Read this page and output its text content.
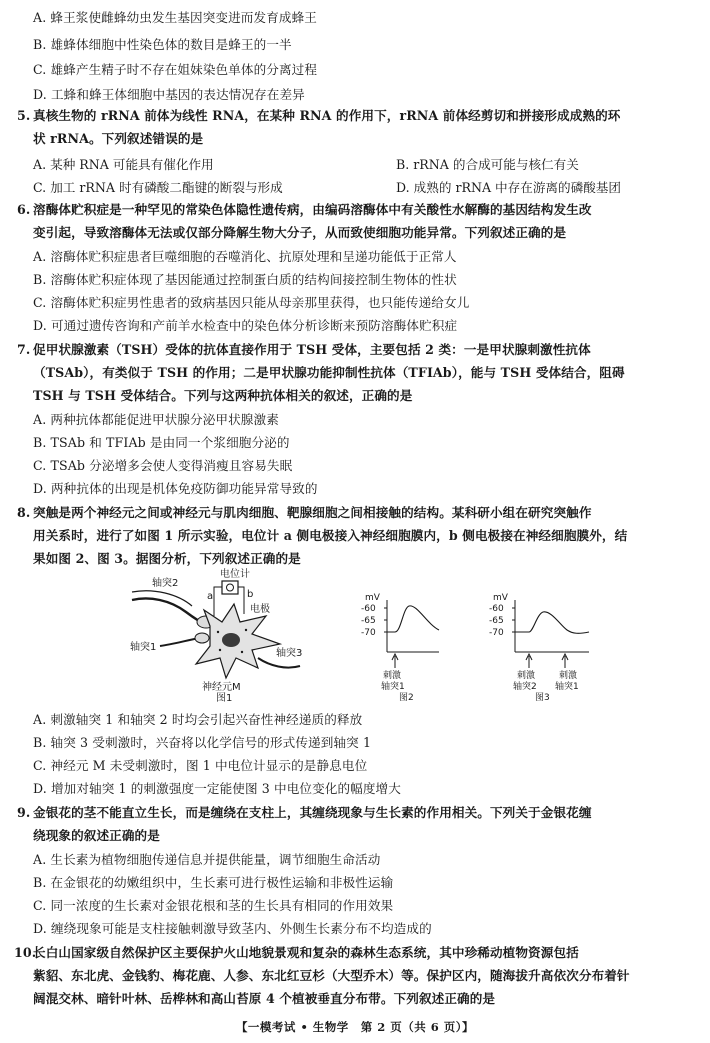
A. 蜂王浆使雌蜂幼虫发生基因突变进而发育成蜂王
B. 雄蜂体细胞中性染色体的数目是蜂王的一半
C. 雄蜂产生精子时不存在姐妹染色单体的分离过程
D. 工蜂和蜂王体细胞中基因的表达情况存在差异
5. 真核生物的 rRNA 前体为线性 RNA，在某种 RNA 的作用下，rRNA 前体经剪切和拼接形成成熟的环
状 rRNA。下列叙述错误的是
A. 某种 RNA 可能具有催化作用	B. rRNA 的合成可能与核仁有关
C. 加工 rRNA 时有磷酸二酯键的断裂与形成	D. 成熟的 rRNA 中存在游离的磷酸基团
6. 溶酶体贮积症是一种罕见的常染色体隐性遗传病，由编码溶酶体中有关酸性水解酶的基因结构发生改
变引起，导致溶酶体无法或仅部分降解生物大分子，从而致使细胞功能异常。下列叙述正确的是
A. 溶酶体贮积症患者巨噬细胞的吞噬消化、抗原处理和呈递功能低于正常人
B. 溶酶体贮积症体现了基因能通过控制蛋白质的结构间接控制生物体的性状
C. 溶酶体贮积症男性患者的致病基因只能从母亲那里获得，也只能传递给女儿
D. 可通过遗传咨询和产前羊水检查中的染色体分析诊断来预防溶酶体贮积症
7. 促甲状腺激素（TSH）受体的抗体直接作用于 TSH 受体，主要包括 2 类：一是甲状腺刺激性抗体
（TSAb），有类似于 TSH 的作用；二是甲状腺功能抑制性抗体（TFIAb），能与 TSH 受体结合，阻碍
TSH 与 TSH 受体结合。下列与这两种抗体相关的叙述，正确的是
A. 两种抗体都能促进甲状腺分泌甲状腺激素
B. TSAb 和 TFIAb 是由同一个浆细胞分泌的
C. TSAb 分泌增多会使人变得消瘦且容易失眠
D. 两种抗体的出现是机体免疫防御功能异常导致的
8. 突触是两个神经元之间或神经元与肌肉细胞、靶腺细胞之间相接触的结构。某科研小组在研究突触作
用关系时，进行了如图 1 所示实验，电位计 a 侧电极接入神经细胞膜内，b 侧电极接在神经细胞膜外，结
果如图 2、图 3。据图分析，下列叙述正确的是
电位计
a	b
电极
轴突2
轴突1
轴突3
神经元M
图1
mV
-60
-65
-70
刺激
轴突1
图2
mV
-60
-65
-70
刺激
轴突2
刺激
轴突1
图3
A. 刺激轴突 1 和轴突 2 时均会引起兴奋性神经递质的释放
B. 轴突 3 受刺激时，兴奋将以化学信号的形式传递到轴突 1
C. 神经元 M 未受刺激时，图 1 中电位计显示的是静息电位
D. 增加对轴突 1 的刺激强度一定能使图 3 中电位变化的幅度增大
9. 金银花的茎不能直立生长，而是缠绕在支柱上，其缠绕现象与生长素的作用相关。下列关于金银花缠
绕现象的叙述正确的是
A. 生长素为植物细胞传递信息并提供能量，调节细胞生命活动
B. 在金银花的幼嫩组织中，生长素可进行极性运输和非极性运输
C. 同一浓度的生长素对金银花根和茎的生长具有相同的作用效果
D. 缠绕现象可能是支柱接触刺激导致茎内、外侧生长素分布不均造成的
10.
长白山国家级自然保护区主要保护火山地貌景观和复杂的森林生态系统，其中珍稀动植物资源包括
紫貂、东北虎、金钱豹、梅花鹿、人参、东北红豆杉（大型乔木）等。保护区内，随海拔升高依次分布着针
阔混交林、暗针叶林、岳桦林和高山苔原 4 个植被垂直分布带。下列叙述正确的是
【一模考试 • 生物学　第 2 页（共 6 页）】
